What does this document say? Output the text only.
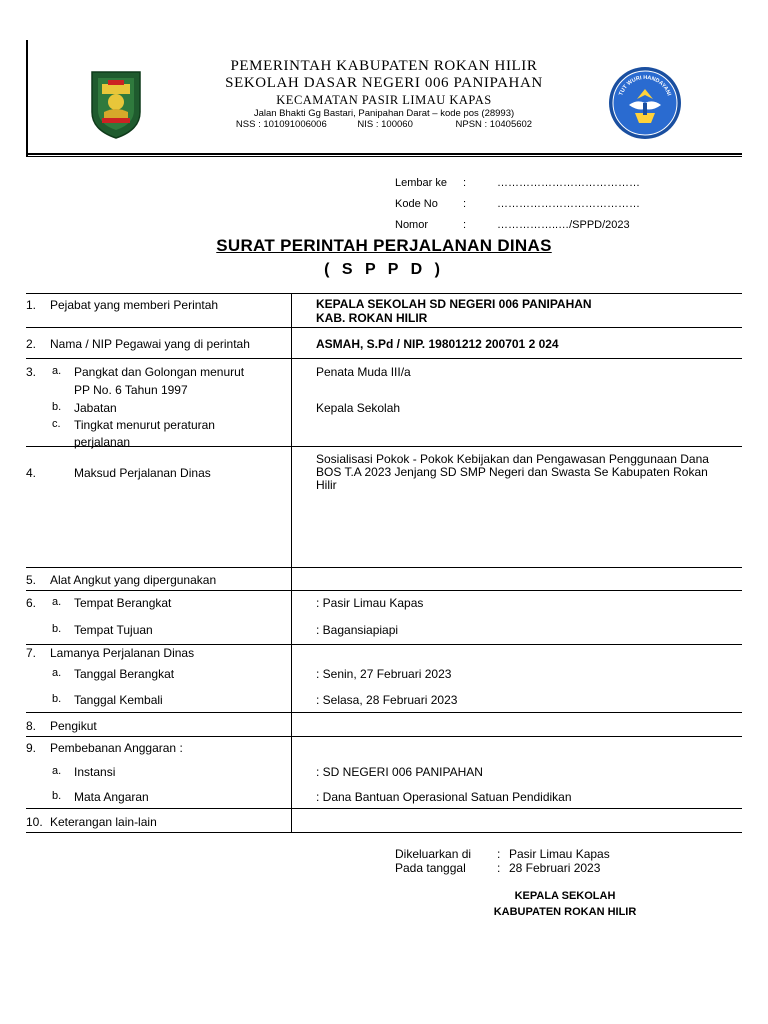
PEMERINTAH KABUPATEN ROKAN HILIR
SEKOLAH DASAR NEGERI 006 PANIPAHAN
KECAMATAN PASIR LIMAU KAPAS
Jalan Bhakti Gg Bastari, Panipahan Darat – kode pos (28993)
NSS : 101091006006	NIS : 100060	NPSN : 10405602
TUT WURI HANDAYANI
Lembar ke	:	…………………………………
Kode No	:	…………………………………
Nomor	:	……………..…/SPPD/2023
SURAT PERINTAH PERJALANAN DINAS
( S P P D )
1. Pejabat yang memberi Perintah	KEPALA SEKOLAH SD NEGERI 006 PANIPAHAN
KAB. ROKAN HILIR
2. Nama / NIP Pegawai yang di perintah	ASMAH, S.Pd / NIP. 19801212 200701 2 024
3. a. Pangkat dan Golongan menurut
PP No. 6 Tahun 1997
Penata Muda III/a
b. Jabatan	Kepala Sekolah
c. Tingkat menurut peraturan
perjalanan
4.	Maksud Perjalanan Dinas
Sosialisasi Pokok - Pokok Kebijakan dan Pengawasan Penggunaan Dana
BOS T.A 2023 Jenjang SD SMP Negeri dan Swasta Se Kabupaten Rokan
Hilir
5. Alat Angkut yang dipergunakan
6. a. Tempat Berangkat	: Pasir Limau Kapas
b. Tempat Tujuan	: Bagansiapiapi
7. Lamanya Perjalanan Dinas
a. Tanggal Berangkat	: Senin, 27 Februari 2023
b. Tanggal Kembali	: Selasa, 28 Februari 2023
8. Pengikut
9. Pembebanan Anggaran :
a. Instansi	: SD NEGERI 006 PANIPAHAN
b. Mata Angaran	: Dana Bantuan Operasional Satuan Pendidikan
10. Keterangan lain-lain
Dikeluarkan di	: Pasir Limau Kapas
Pada tanggal	: 28 Februari 2023
KEPALA SEKOLAH
KABUPATEN ROKAN HILIR
